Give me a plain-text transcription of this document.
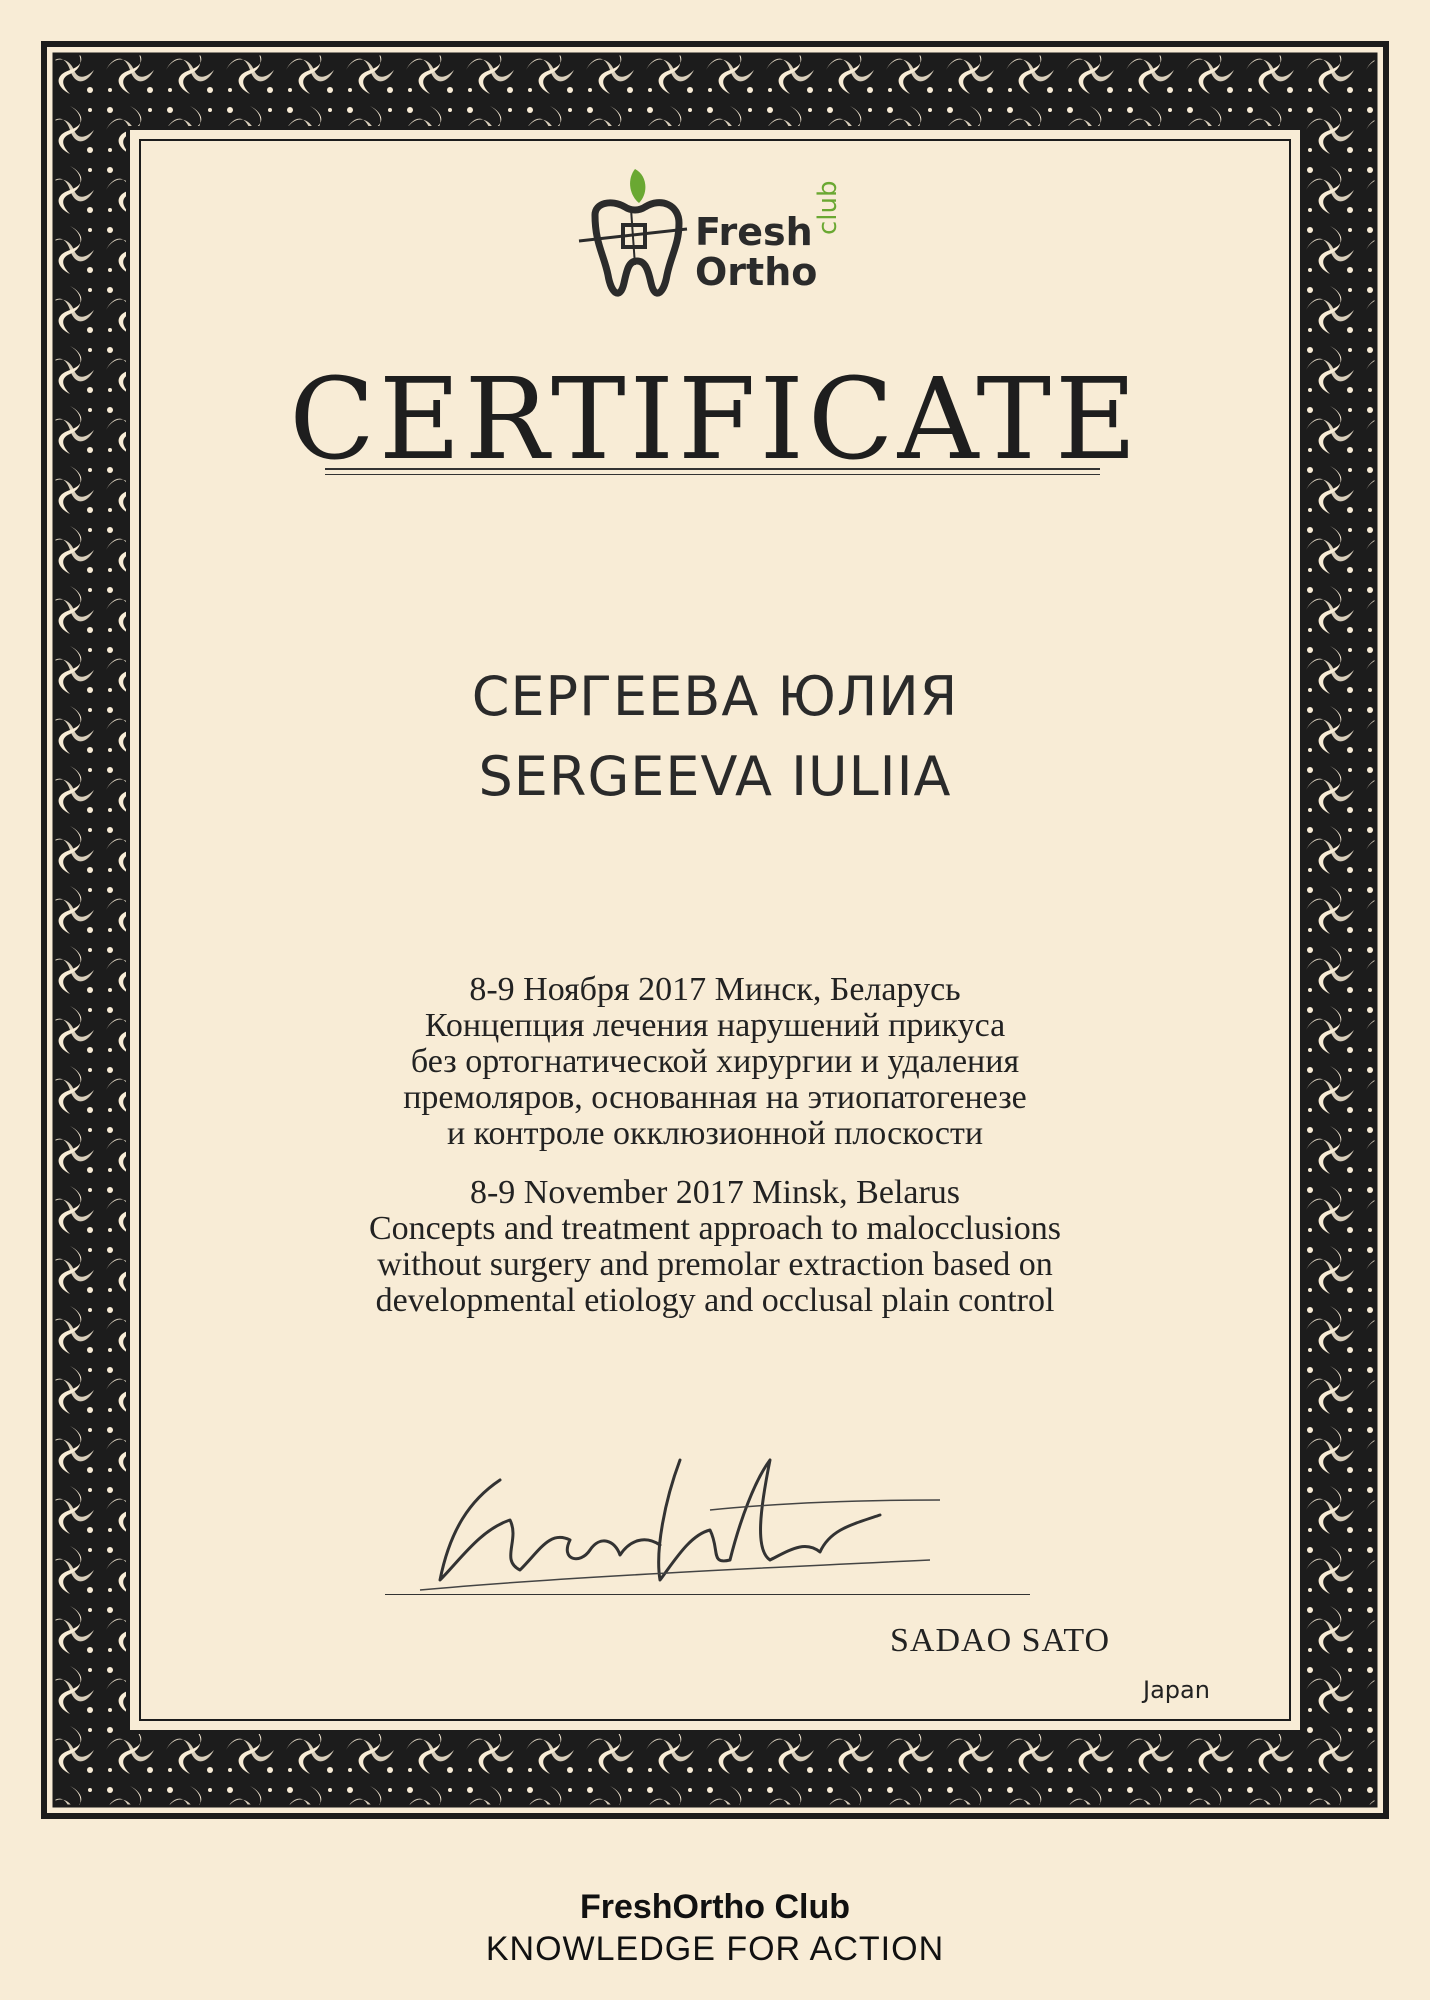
Fresh
Ortho
club
CERTIFICATE
СЕРГЕЕВА ЮЛИЯ
SERGEEVA IULIIA
8-9 Ноября 2017 Минск, Беларусь
Концепция лечения нарушений прикуса
без ортогнатической хирургии и удаления
премоляров, основанная на этиопатогенезе
и контроле окклюзионной плоскости
8-9 November 2017 Minsk, Belarus
Concepts and treatment approach to malocclusions
without surgery and premolar extraction based on
developmental etiology and occlusal plain control
SADAO SATO
Japan
FreshOrtho Club
KNOWLEDGE FOR ACTION
